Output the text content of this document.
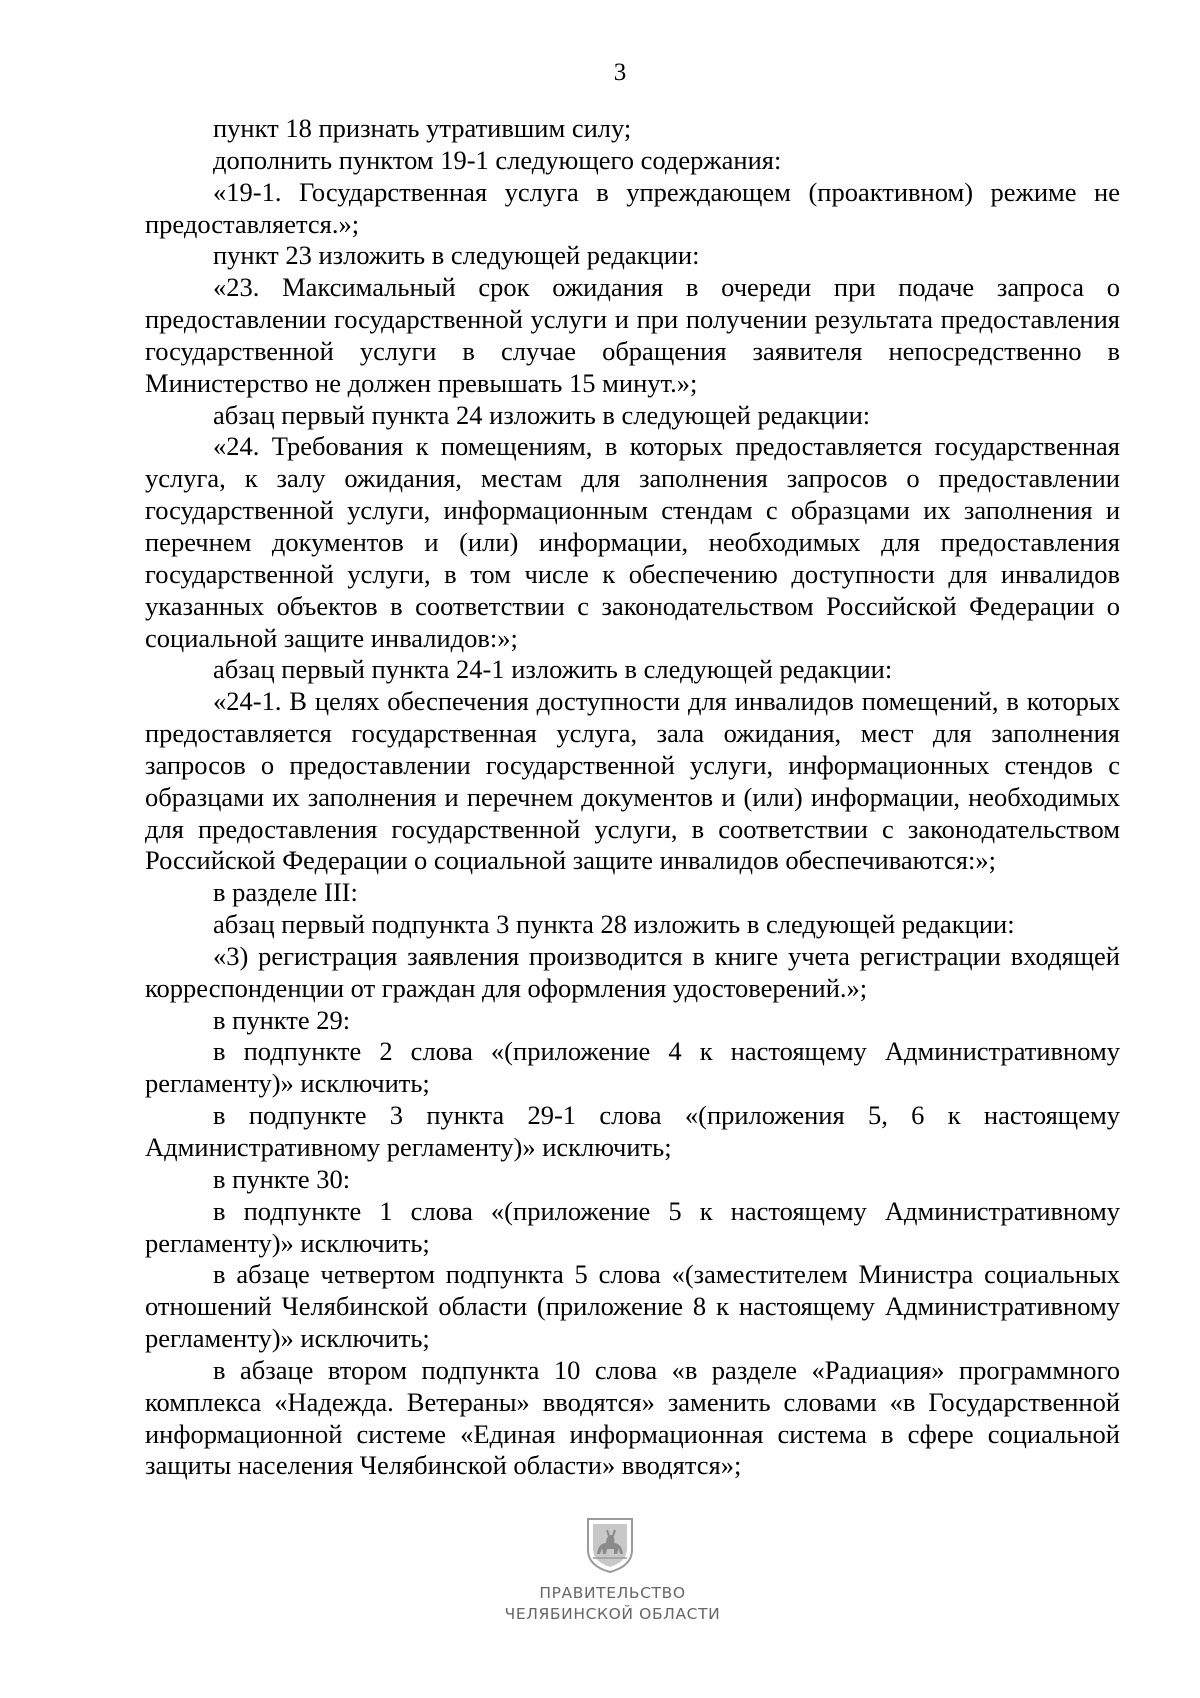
3

пункт 18 признать утратившим силу;

дополнить пунктом 19-1 следующего содержания:

«19-1. Государственная услуга в упреждающем (проактивном) режиме не предоставляется.»;

пункт 23 изложить в следующей редакции:

«23. Максимальный срок ожидания в очереди при подаче запроса о предоставлении государственной услуги и при получении результата предоставления государственной услуги в случае обращения заявителя непосредственно в Министерство не должен превышать 15 минут.»;

абзац первый пункта 24 изложить в следующей редакции:

«24. Требования к помещениям, в которых предоставляется государственная услуга, к залу ожидания, местам для заполнения запросов о предоставлении государственной услуги, информационным стендам с образцами их заполнения и перечнем документов и (или) информации, необходимых для предоставления государственной услуги, в том числе к обеспечению доступности для инвалидов указанных объектов в соответствии с законодательством Российской Федерации о социальной защите инвалидов:»;

абзац первый пункта 24-1 изложить в следующей редакции:

«24-1. В целях обеспечения доступности для инвалидов помещений, в которых предоставляется государственная услуга, зала ожидания, мест для заполнения запросов о предоставлении государственной услуги, информационных стендов с образцами их заполнения и перечнем документов и (или) информации, необходимых для предоставления государственной услуги, в соответствии с законодательством Российской Федерации о социальной защите инвалидов обеспечиваются:»;

в разделе III:

абзац первый подпункта 3 пункта 28 изложить в следующей редакции:

«3) регистрация заявления производится в книге учета регистрации входящей корреспонденции от граждан для оформления удостоверений.»;

в пункте 29:

в подпункте 2 слова «(приложение 4 к настоящему Административному регламенту)» исключить;

в подпункте 3 пункта 29-1 слова «(приложения 5, 6 к настоящему Административному регламенту)» исключить;

в пункте 30:

в подпункте 1 слова «(приложение 5 к настоящему Административному регламенту)» исключить;

в абзаце четвертом подпункта 5 слова «(заместителем Министра социальных отношений Челябинской области (приложение 8 к настоящему Административному регламенту)» исключить;

в абзаце втором подпункта 10 слова «в разделе «Радиация» программного комплекса «Надежда. Ветераны» вводятся» заменить словами «в Государственной информационной системе «Единая информационная система в сфере социальной защиты населения Челябинской области» вводятся»;

ПРАВИТЕЛЬСТВО
ЧЕЛЯБИНСКОЙ ОБЛАСТИ
